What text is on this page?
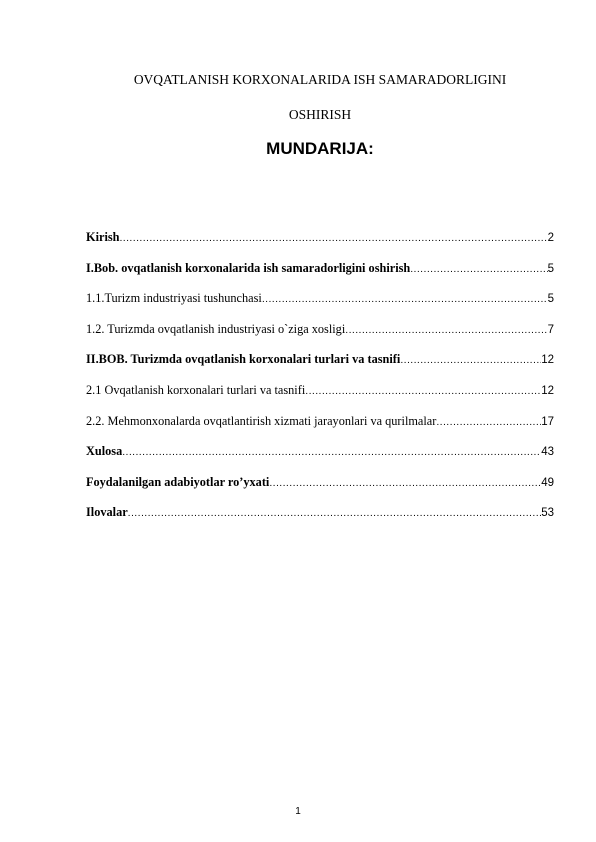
OVQATLANISH KORXONALARIDA ISH SAMARADORLIGINI
OSHIRISH
MUNDARIJA:
Kirish .....	2
I.Bob. ovqatlanish korxonalarida ish samaradorligini oshirish .....	5
1.1.Turizm industriyasi tushunchasi .....	5
1.2. Turizmda ovqatlanish industriyasi o`ziga xosligi .....	7
II.BOB. Turizmda ovqatlanish korxonalari turlari va tasnifi .....	12
2.1 Ovqatlanish korxonalari turlari va tasnifi .....	12
2.2. Mehmonxonalarda ovqatlantirish xizmati jarayonlari va qurilmalar .....	17
Xulosa .....	43
Foydalanilgan adabiyotlar ro’yxati .....	49
Ilovalar .....	53
1
